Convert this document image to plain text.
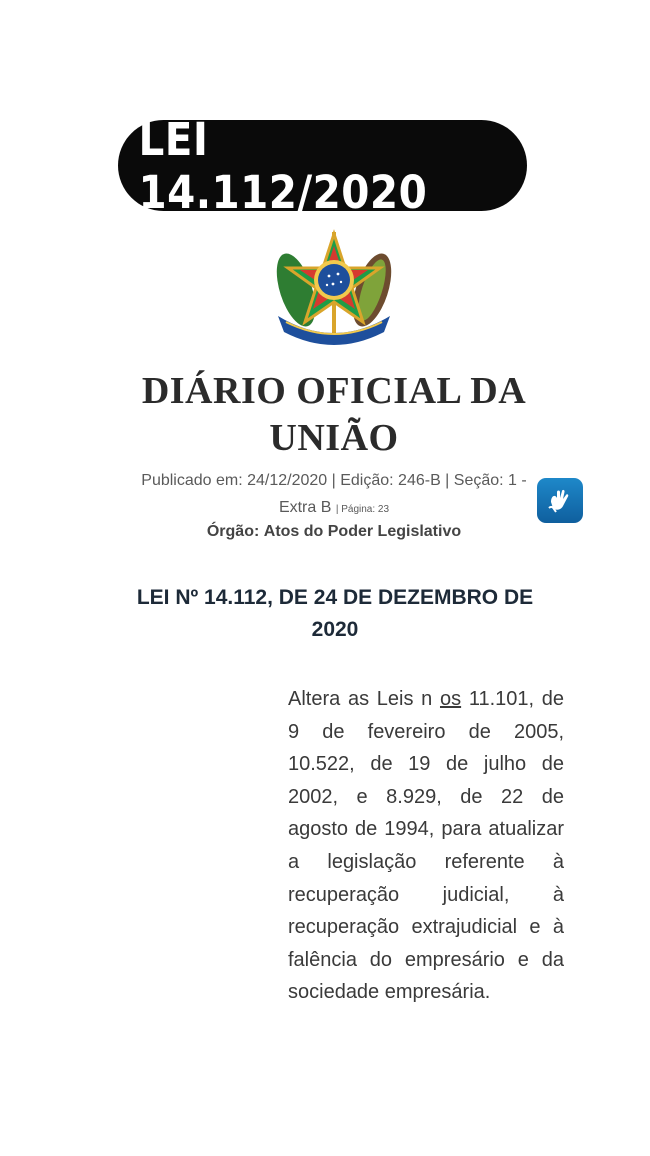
LEI 14.112/2020
DIÁRIO OFICIAL DA
UNIÃO
Publicado em: 24/12/2020 | Edição: 246-B | Seção: 1 -
Extra B | Página: 23
Órgão: Atos do Poder Legislativo
LEI Nº 14.112, DE 24 DE DEZEMBRO DE
2020

Altera as Leis n os 11.101, de 9 de fevereiro de 2005, 10.522, de 19 de julho de 2002, e 8.929, de 22 de agosto de 1994, para atualizar a legislação referente à recuperação judicial, à recuperação extrajudicial e à falência do empresário e da sociedade empresária.
